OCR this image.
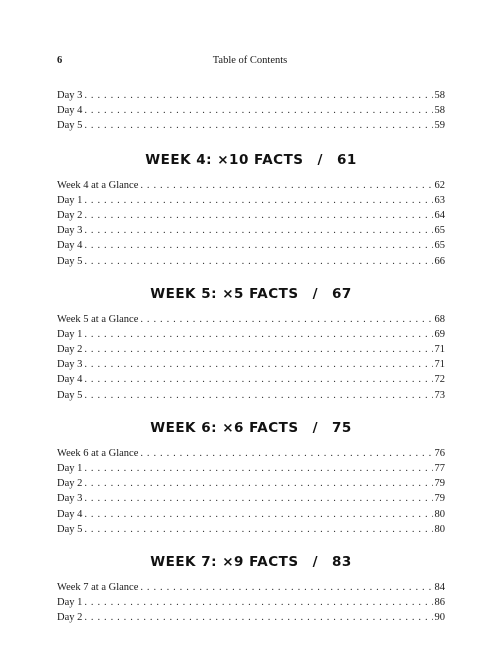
6	Table of Contents
Day 3 . . .	58
Day 4 . . .	58
Day 5 . . .	59
WEEK 4: ×10 FACTS / 61
Week 4 at a Glance . . .	62
Day 1 . . .	63
Day 2 . . .	64
Day 3 . . .	65
Day 4 . . .	65
Day 5 . . .	66
WEEK 5: ×5 FACTS / 67
Week 5 at a Glance . . .	68
Day 1 . . .	69
Day 2 . . .	71
Day 3 . . .	71
Day 4 . . .	72
Day 5 . . .	73
WEEK 6: ×6 FACTS / 75
Week 6 at a Glance . . .	76
Day 1 . . .	77
Day 2 . . .	79
Day 3 . . .	79
Day 4 . . .	80
Day 5 . . .	80
WEEK 7: ×9 FACTS / 83
Week 7 at a Glance . . .	84
Day 1 . . .	86
Day 2 . . .	90
